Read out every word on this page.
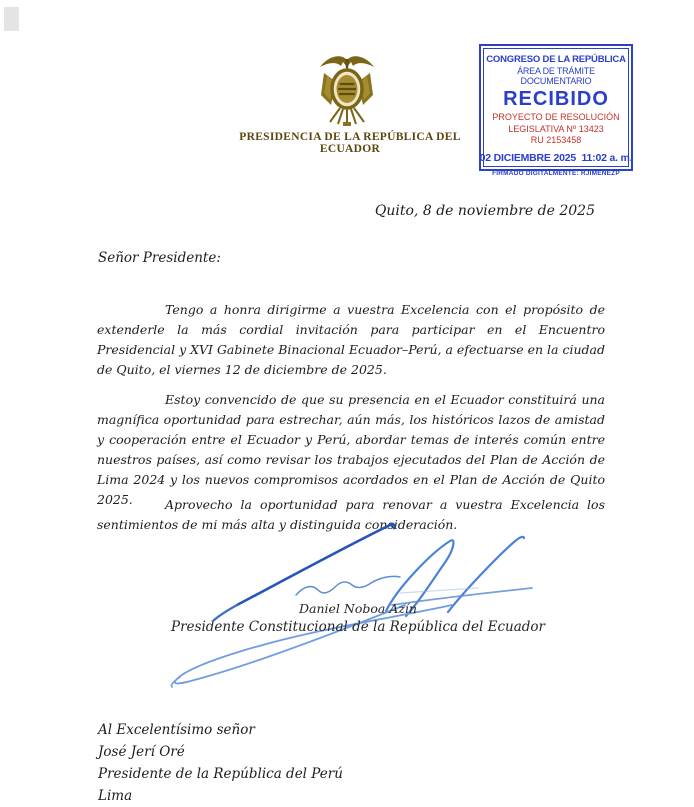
PRESIDENCIA DE LA REPÚBLICA DEL ECUADOR
CONGRESO DE LA REPÚBLICA
ÁREA DE TRÁMITE DOCUMENTARIO
RECIBIDO
PROYECTO DE RESOLUCIÓN
LEGISLATIVA Nº 13423
RU 2153458
02 DICIEMBRE 2025  11:02 a. m.
FIRMADO DIGITALMENTE: RJIMENEZP
Quito, 8 de noviembre de 2025
Señor Presidente:

Tengo a honra dirigirme a vuestra Excelencia con el propósito de extenderle la más cordial invitación para participar en el Encuentro Presidencial y XVI Gabinete Binacional Ecuador–Perú, a efectuarse en la ciudad de Quito, el viernes 12 de diciembre de 2025.

Estoy convencido de que su presencia en el Ecuador constituirá una magnífica oportunidad para estrechar, aún más, los históricos lazos de amistad y cooperación entre el Ecuador y Perú, abordar temas de interés común entre nuestros países, así como revisar los trabajos ejecutados del Plan de Acción de Lima 2024 y los nuevos compromisos acordados en el Plan de Acción de Quito 2025.	Aprovecho la oportunidad para renovar a vuestra Excelencia los sentimientos de mi más alta y distinguida consideración.

Daniel Noboa Azín
Presidente Constitucional de la República del Ecuador
Al Excelentísimo señor
José Jerí Oré
Presidente de la República del Perú
Lima
